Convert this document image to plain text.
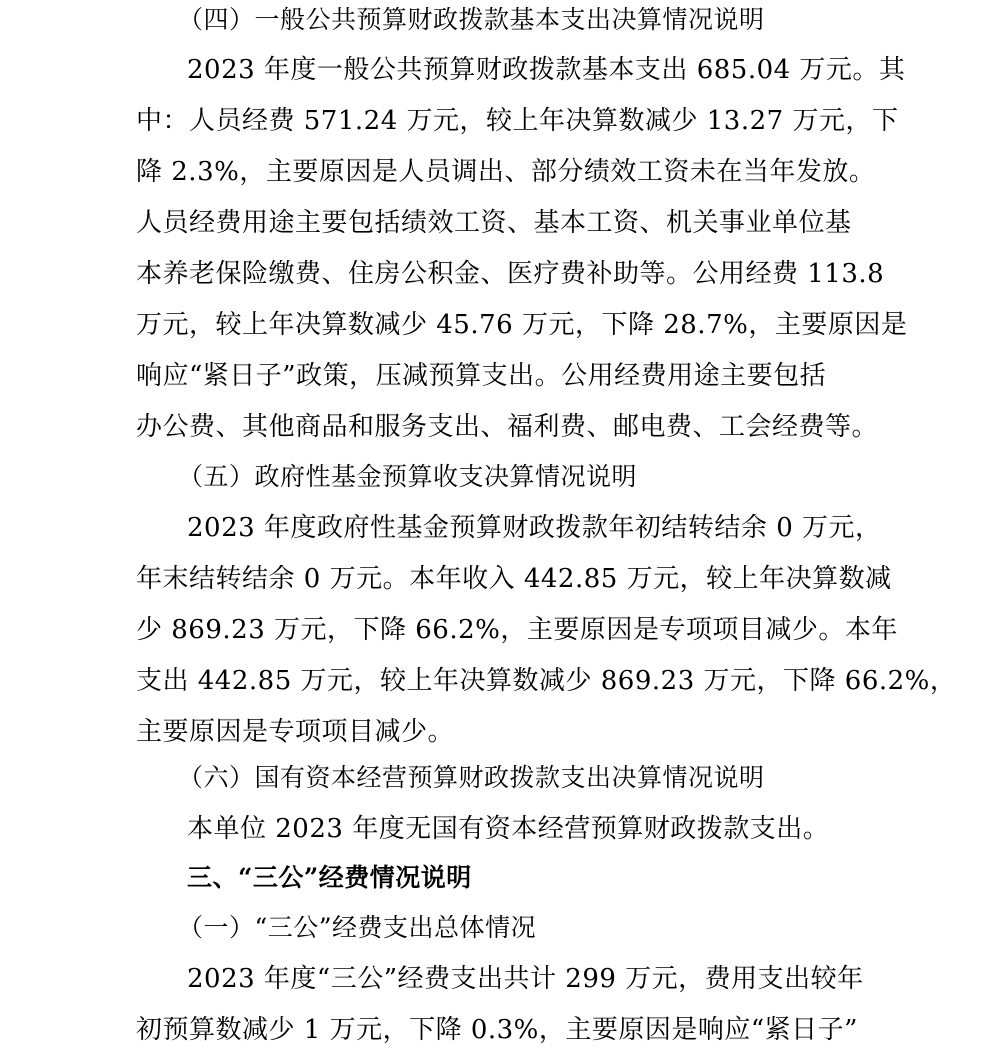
（四）一般公共预算财政拨款基本支出决算情况说明
2023 年度一般公共预算财政拨款基本支出 685.04 万元。其
中：人员经费 571.24 万元，较上年决算数减少 13.27 万元，下
降 2.3%，主要原因是人员调出、部分绩效工资未在当年发放。
人员经费用途主要包括绩效工资、基本工资、机关事业单位基
本养老保险缴费、住房公积金、医疗费补助等。公用经费 113.8
万元，较上年决算数减少 45.76 万元，下降 28.7%，主要原因是
响应“紧日子”政策，压减预算支出。公用经费用途主要包括
办公费、其他商品和服务支出、福利费、邮电费、工会经费等。
（五）政府性基金预算收支决算情况说明
2023 年度政府性基金预算财政拨款年初结转结余 0 万元，
年末结转结余 0 万元。本年收入 442.85 万元，较上年决算数减
少 869.23 万元，下降 66.2%，主要原因是专项项目减少。本年
支出 442.85 万元，较上年决算数减少 869.23 万元，下降 66.2%，
主要原因是专项项目减少。
（六）国有资本经营预算财政拨款支出决算情况说明
本单位 2023 年度无国有资本经营预算财政拨款支出。
三、“三公”经费情况说明
（一）“三公”经费支出总体情况
2023 年度“三公”经费支出共计 299 万元，费用支出较年
初预算数减少 1 万元，下降 0.3%，主要原因是响应“紧日子”
